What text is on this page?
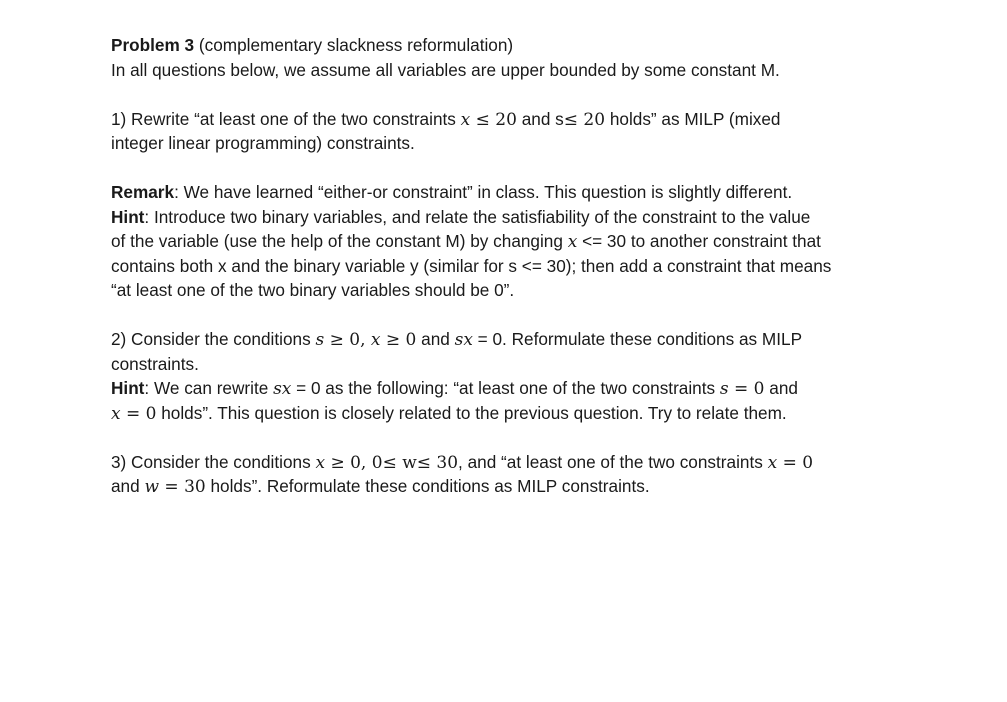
Problem 3 (complementary slackness reformulation)
In all questions below, we assume all variables are upper bounded by some constant M.
1) Rewrite “at least one of the two constraints x ≤ 20 and s≤ 20 holds” as MILP (mixed
integer linear programming) constraints.
Remark: We have learned “either-or constraint” in class. This question is slightly different.
Hint: Introduce two binary variables, and relate the satisfiability of the constraint to the value
of the variable (use the help of the constant M) by changing x <= 30 to another constraint that
contains both x and the binary variable y (similar for s <= 30); then add a constraint that means
“at least one of the two binary variables should be 0”.
2) Consider the conditions s ≥ 0, x ≥ 0 and sx = 0. Reformulate these conditions as MILP
constraints.
Hint: We can rewrite sx = 0 as the following: “at least one of the two constraints s = 0 and
x = 0 holds”. This question is closely related to the previous question. Try to relate them.
3) Consider the conditions x ≥ 0, 0≤ w≤ 30, and “at least one of the two constraints x = 0
and w = 30 holds”. Reformulate these conditions as MILP constraints.
